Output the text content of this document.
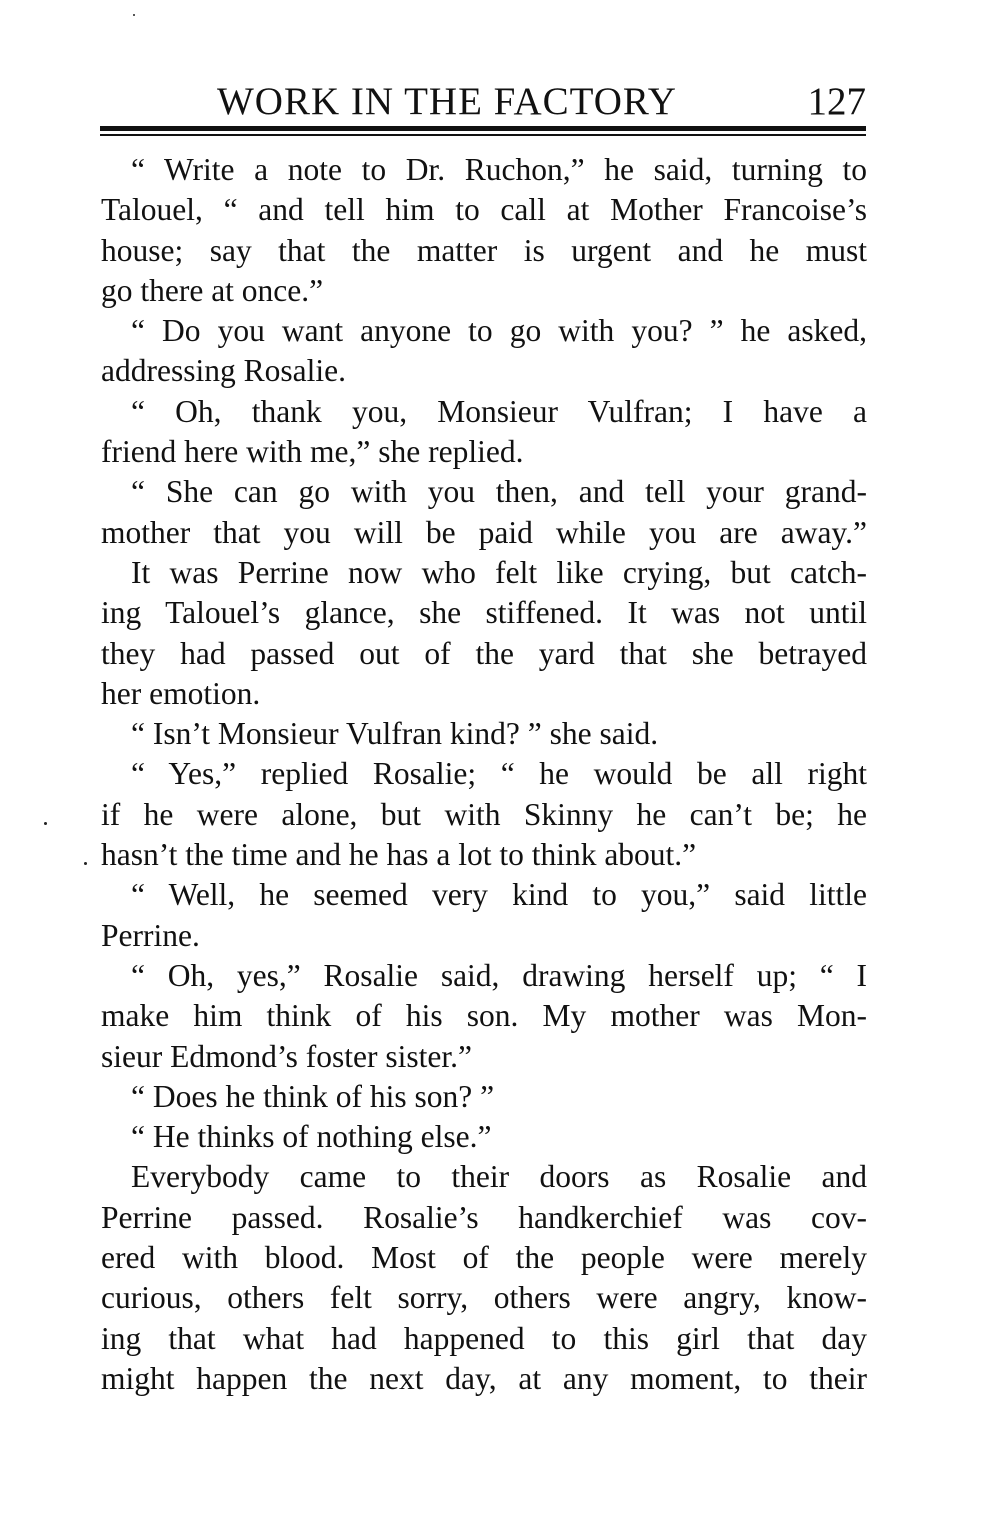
WORK IN THE FACTORY	127
“ Write a note to Dr. Ruchon,” he said, turning to
Talouel, “ and tell him to call at Mother Francoise’s
house; say that the matter is urgent and he must
go there at once.”
“ Do you want anyone to go with you? ” he asked,
addressing Rosalie.
“ Oh, thank you, Monsieur Vulfran; I have a
friend here with me,” she replied.
“ She can go with you then, and tell your grand-
mother that you will be paid while you are away.”
It was Perrine now who felt like crying, but catch-
ing Talouel’s glance, she stiffened. It was not until
they had passed out of the yard that she betrayed
her emotion.
“ Isn’t Monsieur Vulfran kind? ” she said.
“ Yes,” replied Rosalie; “ he would be all right
if he were alone, but with Skinny he can’t be; he
hasn’t the time and he has a lot to think about.”
“ Well, he seemed very kind to you,” said little
Perrine.
“ Oh, yes,” Rosalie said, drawing herself up; “ I
make him think of his son. My mother was Mon-
sieur Edmond’s foster sister.”
“ Does he think of his son? ”
“ He thinks of nothing else.”
Everybody came to their doors as Rosalie and
Perrine passed. Rosalie’s handkerchief was cov-
ered with blood. Most of the people were merely
curious, others felt sorry, others were angry, know-
ing that what had happened to this girl that day
might happen the next day, at any moment, to their
